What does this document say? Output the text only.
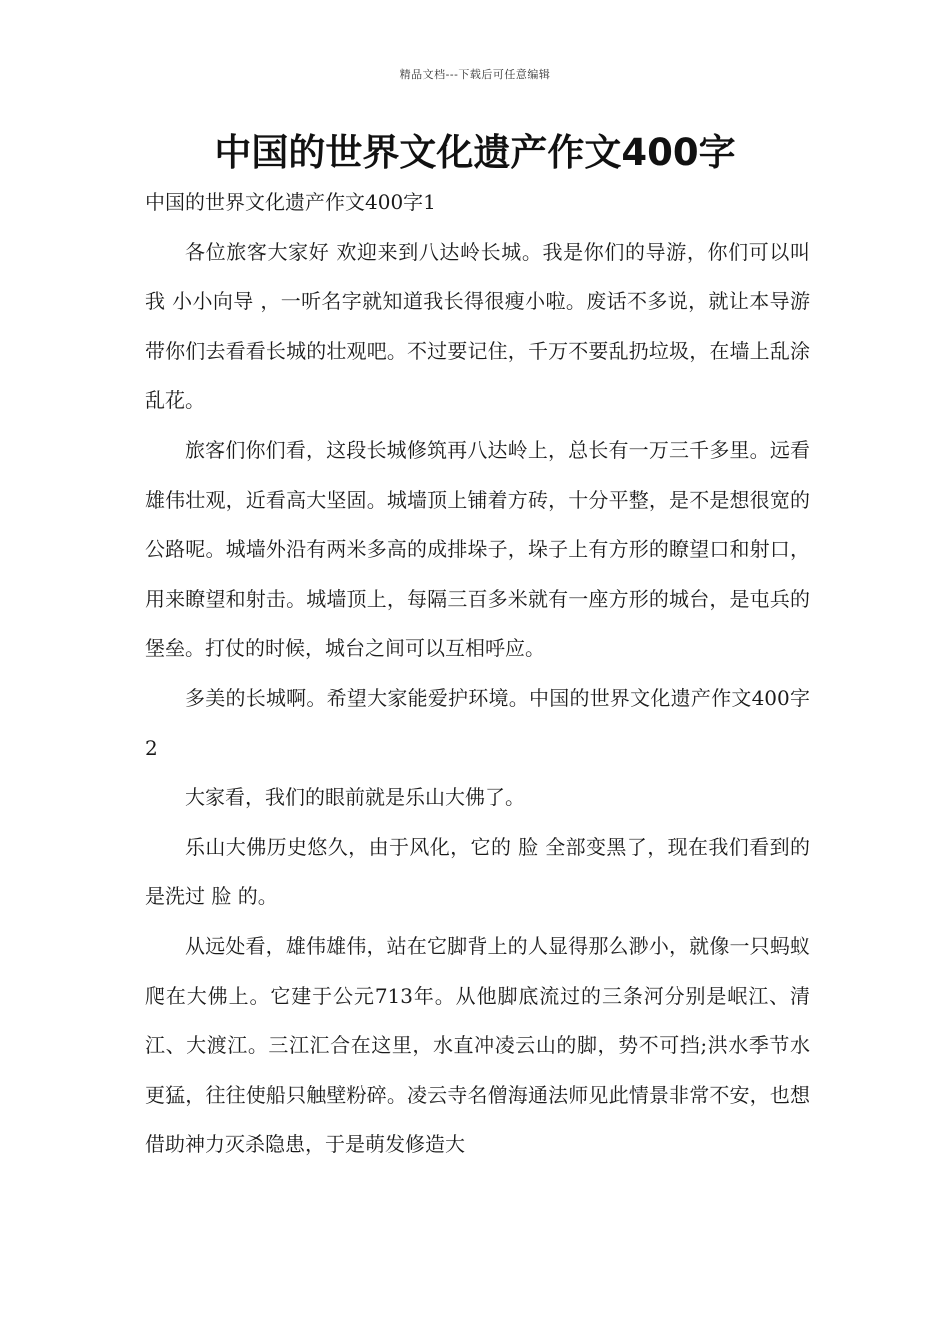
精品文档---下载后可任意编辑
中国的世界文化遗产作文400字

中国的世界文化遗产作文400字1

各位旅客大家好 欢迎来到八达岭长城。我是你们的导游，你们可以叫我 小小向导 ，一听名字就知道我长得很瘦小啦。废话不多说，就让本导游带你们去看看长城的壮观吧。不过要记住，千万不要乱扔垃圾，在墙上乱涂乱花。

旅客们你们看，这段长城修筑再八达岭上，总长有一万三千多里。远看雄伟壮观，近看高大坚固。城墙顶上铺着方砖，十分平整，是不是想很宽的公路呢。城墙外沿有两米多高的成排垛子，垛子上有方形的瞭望口和射口，用来瞭望和射击。城墙顶上，每隔三百多米就有一座方形的城台，是屯兵的堡垒。打仗的时候，城台之间可以互相呼应。

多美的长城啊。希望大家能爱护环境。中国的世界文化遗产作文400字2

大家看，我们的眼前就是乐山大佛了。

乐山大佛历史悠久，由于风化，它的 脸 全部变黑了，现在我们看到的是洗过 脸 的。

从远处看，雄伟雄伟，站在它脚背上的人显得那么渺小，就像一只蚂蚁爬在大佛上。它建于公元713年。从他脚底流过的三条河分别是岷江、清江、大渡江。三江汇合在这里，水直冲凌云山的脚，势不可挡;洪水季节水更猛，往往使船只触壁粉碎。凌云寺名僧海通法师见此情景非常不安，也想借助神力灭杀隐患，于是萌发修造大
